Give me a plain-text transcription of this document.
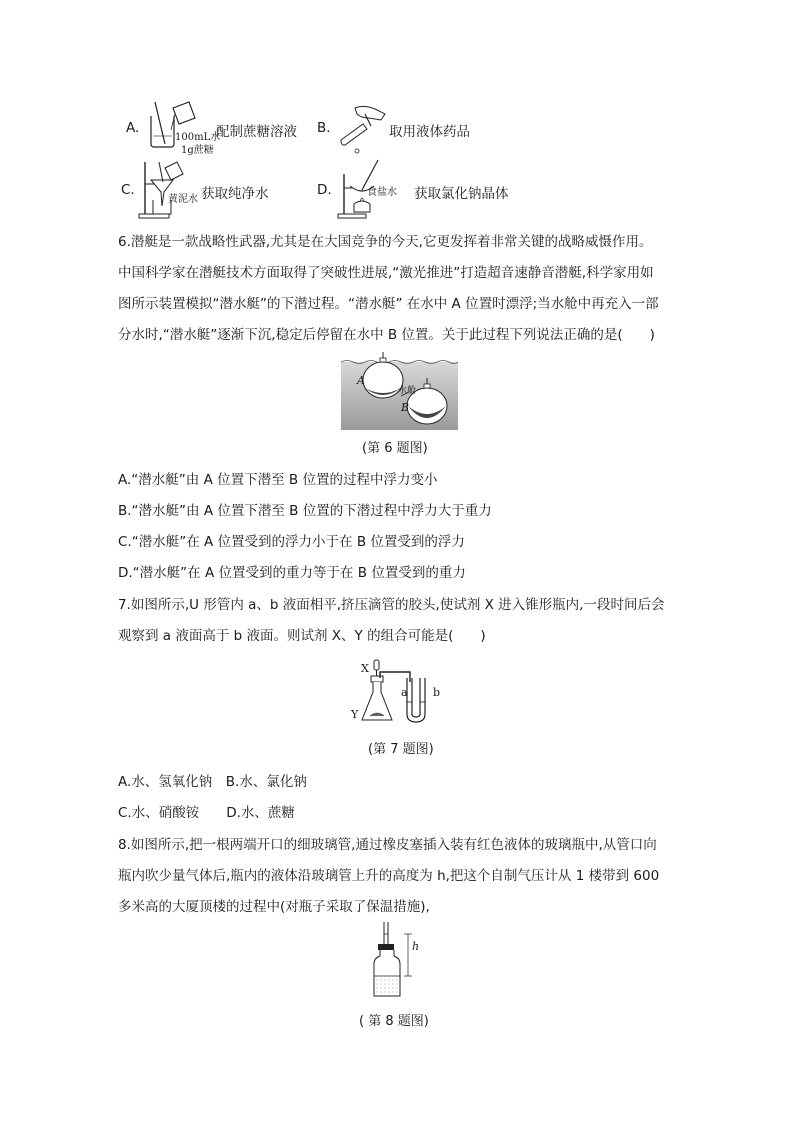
A.
100mL水
1g蔗糖
配制蔗糖溶液 B.	取用液体药品
C.
黄泥水 获取纯净水	D.	食盐水 获取氯化钠晶体
6.潜艇是一款战略性武器,尤其是在大国竞争的今天,它更发挥着非常关键的战略威慑作用。
中国科学家在潜艇技术方面取得了突破性进展,“激光推进”打造超音速静音潜艇,科学家用如
图所示装置模拟“潜水艇”的下潜过程。“潜水艇” 在水中 A 位置时漂浮;当水舱中再充入一部
分水时,“潜水艇”逐渐下沉,稳定后停留在水中 B 位置。关于此过程下列说法正确的是(　　)
A
B
水舱
(第 6 题图)
A.“潜水艇”由 A 位置下潜至 B 位置的过程中浮力变小
B.“潜水艇”由 A 位置下潜至 B 位置的下潜过程中浮力大于重力
C.“潜水艇”在 A 位置受到的浮力小于在 B 位置受到的浮力
D.“潜水艇”在 A 位置受到的重力等于在 B 位置受到的重力
7.如图所示,U 形管内 a、b 液面相平,挤压滴管的胶头,使试剂 X 进入锥形瓶内,一段时间后会
观察到 a 液面高于 b 液面。则试剂 X、Y 的组合可能是(　　)
X
Y
a b
(第 7 题图)
A.水、氢氧化钠　B.水、氯化钠
C.水、硝酸铵　　D.水、蔗糖
8.如图所示,把一根两端开口的细玻璃管,通过橡皮塞插入装有红色液体的玻璃瓶中,从管口向
瓶内吹少量气体后,瓶内的液体沿玻璃管上升的高度为 h,把这个自制气压计从 1 楼带到 600
多米高的大厦顶楼的过程中(对瓶子采取了保温措施),
h
( 第 8 题图)
